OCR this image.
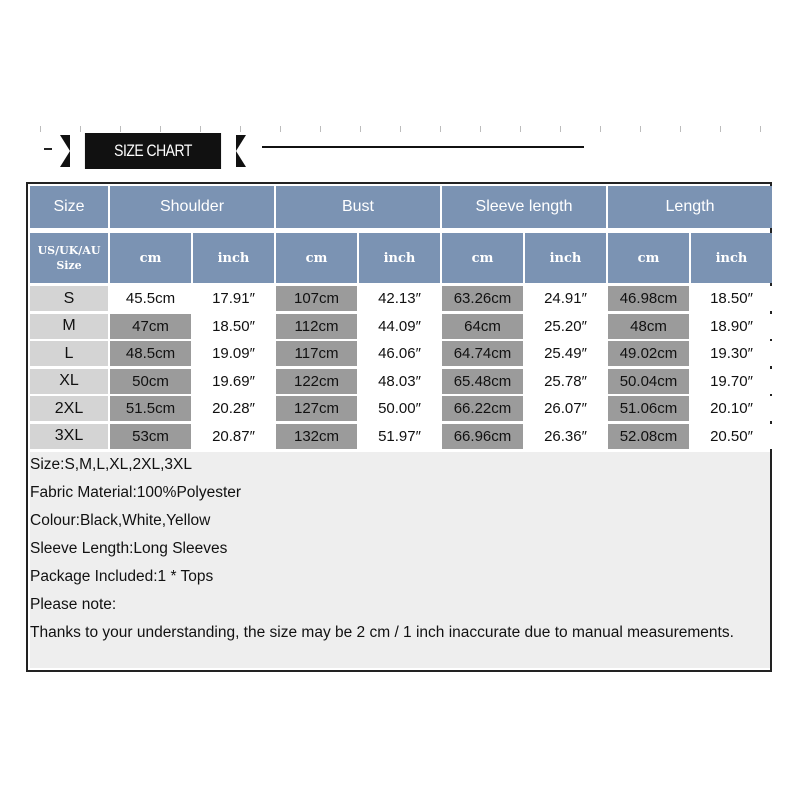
SIZE CHART
Size	Shoulder	Bust	Sleeve length	Length
US/UK/AU
Size	cm	inch	cm	inch	cm	inch	cm	inch
S	45.5cm	17.91″	107cm	42.13″	63.26cm	24.91″	46.98cm	18.50″
M	47cm	18.50″	112cm	44.09″	64cm	25.20″	48cm	18.90″
L	48.5cm	19.09″	117cm	46.06″	64.74cm	25.49″	49.02cm	19.30″
XL	50cm	19.69″	122cm	48.03″	65.48cm	25.78″	50.04cm	19.70″
2XL	51.5cm	20.28″	127cm	50.00″	66.22cm	26.07″	51.06cm	20.10″
3XL	53cm	20.87″	132cm	51.97″	66.96cm	26.36″	52.08cm	20.50″
Size:S,M,L,XL,2XL,3XL
Fabric Material:100%Polyester
Colour:Black,White,Yellow
Sleeve Length:Long Sleeves
Package Included:1 * Tops
Please note:
Thanks to your understanding, the size may be 2 cm / 1 inch inaccurate due to manual measurements.
